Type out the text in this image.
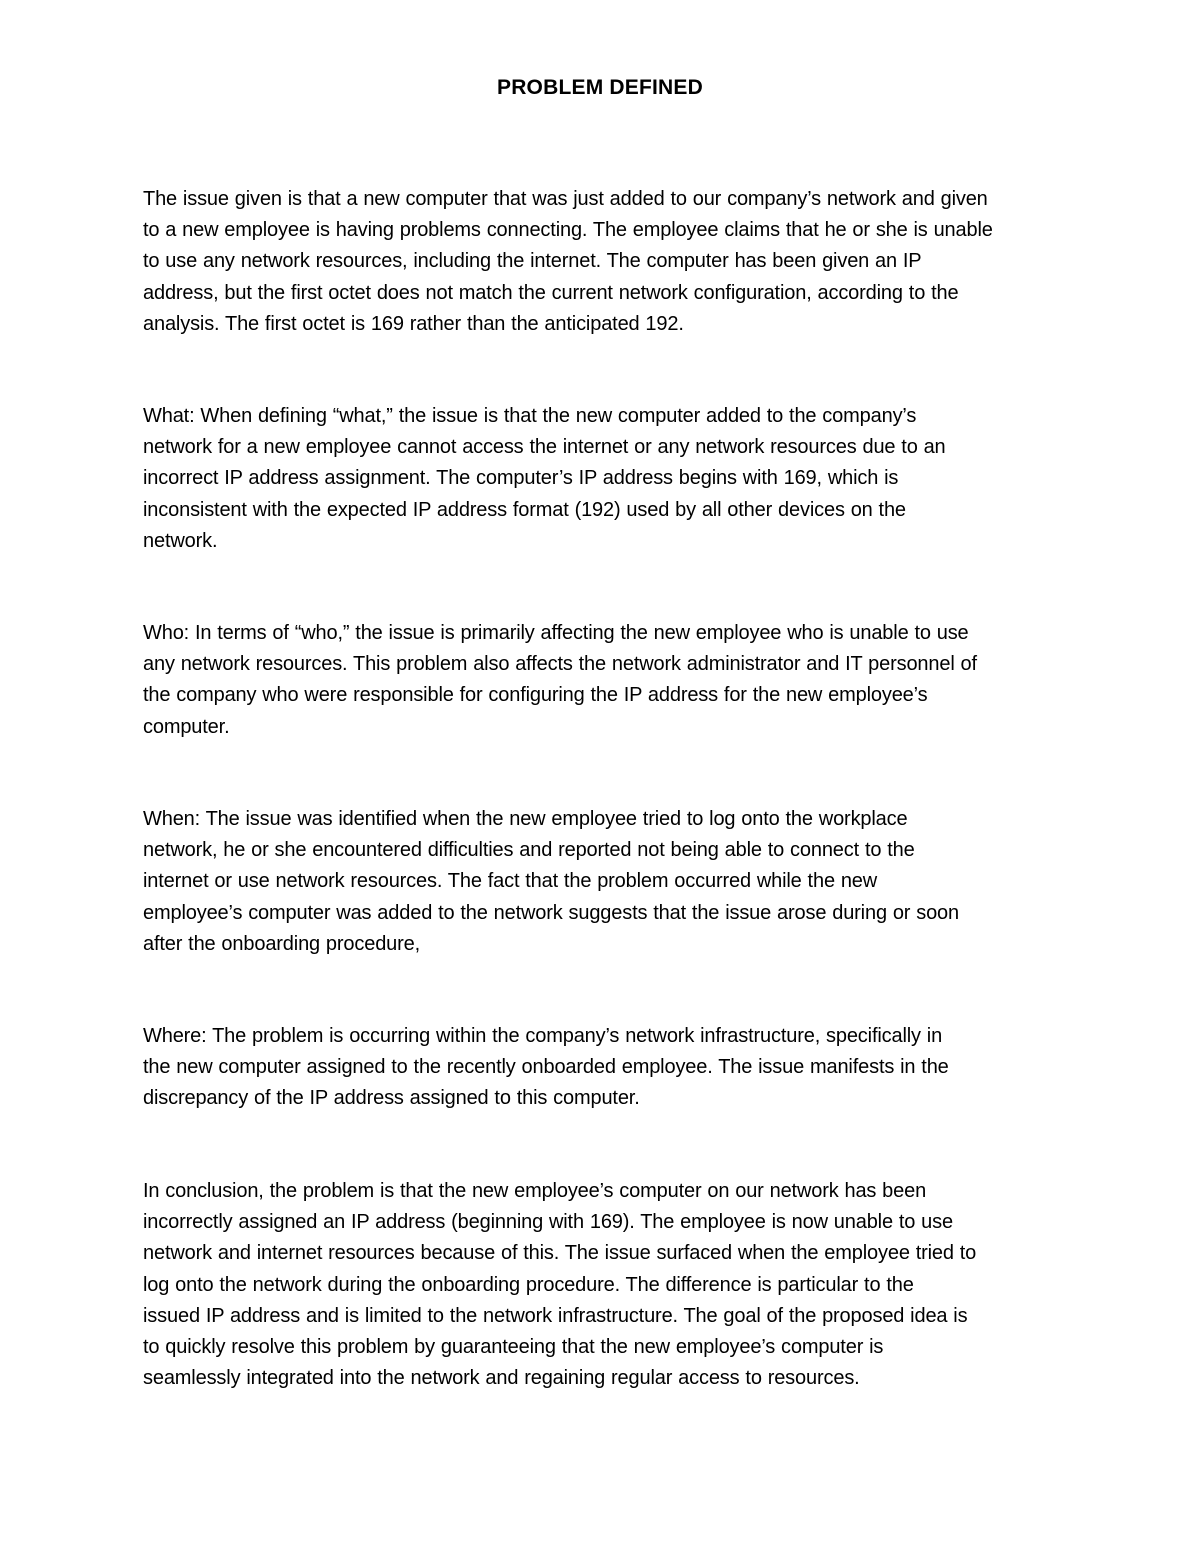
PROBLEM DEFINED

The issue given is that a new computer that was just added to our company’s network and given
to a new employee is having problems connecting. The employee claims that he or she is unable
to use any network resources, including the internet. The computer has been given an IP
address, but the first octet does not match the current network configuration, according to the
analysis. The first octet is 169 rather than the anticipated 192.

What: When defining “what,” the issue is that the new computer added to the company’s
network for a new employee cannot access the internet or any network resources due to an
incorrect IP address assignment. The computer’s IP address begins with 169, which is
inconsistent with the expected IP address format (192) used by all other devices on the
network.

Who: In terms of “who,” the issue is primarily affecting the new employee who is unable to use
any network resources. This problem also affects the network administrator and IT personnel of
the company who were responsible for configuring the IP address for the new employee’s
computer.

When: The issue was identified when the new employee tried to log onto the workplace
network, he or she encountered difficulties and reported not being able to connect to the
internet or use network resources. The fact that the problem occurred while the new
employee’s computer was added to the network suggests that the issue arose during or soon
after the onboarding procedure,

Where: The problem is occurring within the company’s network infrastructure, specifically in
the new computer assigned to the recently onboarded employee. The issue manifests in the
discrepancy of the IP address assigned to this computer.

In conclusion, the problem is that the new employee’s computer on our network has been
incorrectly assigned an IP address (beginning with 169). The employee is now unable to use
network and internet resources because of this. The issue surfaced when the employee tried to
log onto the network during the onboarding procedure. The difference is particular to the
issued IP address and is limited to the network infrastructure. The goal of the proposed idea is
to quickly resolve this problem by guaranteeing that the new employee’s computer is
seamlessly integrated into the network and regaining regular access to resources.
